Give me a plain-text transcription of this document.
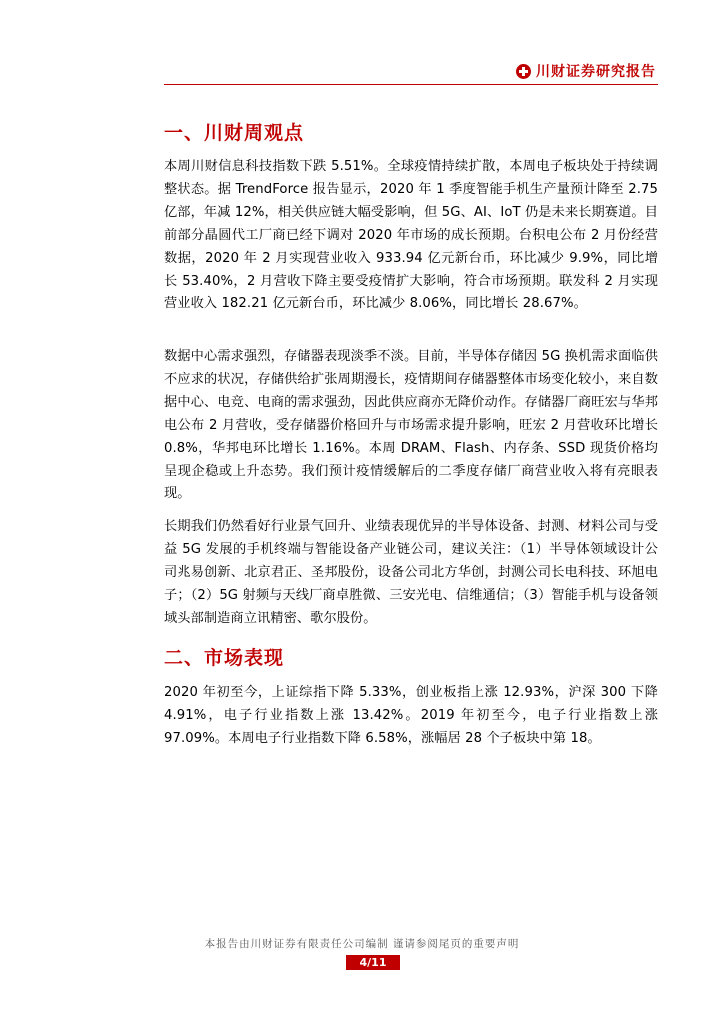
川财证券研究报告
一、川财周观点

本周川财信息科技指数下跌 5.51%。全球疫情持续扩散，本周电子板块处于持续调整状态。据 TrendForce 报告显示，2020 年 1 季度智能手机生产量预计降至 2.75 亿部，年减 12%，相关供应链大幅受影响，但 5G、AI、IoT 仍是未来长期赛道。目前部分晶圆代工厂商已经下调对 2020 年市场的成长预期。台积电公布 2 月份经营数据，2020 年 2 月实现营业收入 933.94 亿元新台币，环比减少 9.9%，同比增长 53.40%，2 月营收下降主要受疫情扩大影响，符合市场预期。联发科 2 月实现营业收入 182.21 亿元新台币，环比减少 8.06%，同比增长 28.67%。

数据中心需求强烈，存储器表现淡季不淡。目前，半导体存储因 5G 换机需求面临供不应求的状况，存储供给扩张周期漫长，疫情期间存储器整体市场变化较小，来自数据中心、电竞、电商的需求强劲，因此供应商亦无降价动作。存储器厂商旺宏与华邦电公布 2 月营收，受存储器价格回升与市场需求提升影响，旺宏 2 月营收环比增长 0.8%，华邦电环比增长 1.16%。本周 DRAM、Flash、内存条、SSD 现货价格均呈现企稳或上升态势。我们预计疫情缓解后的二季度存储厂商营业收入将有亮眼表现。

长期我们仍然看好行业景气回升、业绩表现优异的半导体设备、封测、材料公司与受益 5G 发展的手机终端与智能设备产业链公司，建议关注：（1）半导体领域设计公司兆易创新、北京君正、圣邦股份，设备公司北方华创，封测公司长电科技、环旭电子；（2）5G 射频与天线厂商卓胜微、三安光电、信维通信；（3）智能手机与设备领域头部制造商立讯精密、歌尔股份。

二、市场表现

2020 年初至今，上证综指下降 5.33%，创业板指上涨 12.93%，沪深 300 下降 4.91%，电子行业指数上涨 13.42%。2019 年初至今，电子行业指数上涨 97.09%。本周电子行业指数下降 6.58%，涨幅居 28 个子板块中第 18。

本报告由川财证券有限责任公司编制 谨请参阅尾页的重要声明
4/11
